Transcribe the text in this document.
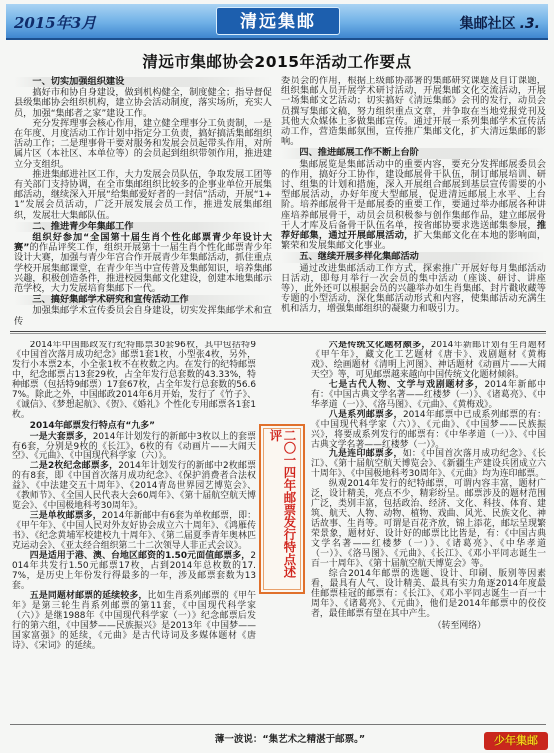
2015年3月	清远集邮	集邮社区 .3.
清远市集邮协会2015年活动工作要点
一、切实加强组织建设

搞好市和协自身建设，做到机构健全，制度健全；指导督促县级集邮协会组织机构，建立协会活动制度，落实场所，充实人员，加强“集邮者之家”建设工作。

充分发挥理事会核心作用，建立健全理事分工负责制，一是在年度、月度活动工作计划中指定分工负责，搞好搞活集邮组织活动工作；二是理事骨干要对服务和发展会员起带头作用，对所属片区（本社区、本单位等）的会员起到组织带领作用，推进建立分支组织。

推进集邮进社区工作，大力发展会员队伍，争取发展工团等有关部门支持协调，在全市集邮组织比较多的企事业单位开展集邮活动，继续深入开展“给集邮爱好者的一封信”活动，开展“1+1”发展会员活动，广泛开展发展会员工作，推进发展集邮组织，发展壮大集邮队伍。

二、推进青少年集邮工作

组织好参加“全国第十届生肖个性化邮票青少年设计大赛”的作品评奖工作，组织开展第十一届生肖个性化邮票青少年设计大赛，加强与青少年宫合作开展青少年集邮活动，抓住重点学校开展集邮课堂，在青少年当中宣传普及集邮知识，培养集邮兴趣，积极创造条件，推进校园集邮文化建设，创建本地集邮示范学校，大力发展培育集邮下一代。

三、搞好集邮学术研究和宣传活动工作

加强集邮学术宣传委员会自身建设，切实发挥集邮学术和宣传

委员会的作用，根据上级邮协部署的集邮研究课题及自订课题，组织集邮人员开展学术研讨活动，开展集邮文化交流活动，开展一场集邮文艺活动；切实搞好《清远集邮》会刊的发行，动员会员撰写集邮文稿，努力组织重点文章，并争取在当地党报党刊及其他大众媒体上多做集邮宣传。通过开展一系列集邮学术宣传活动工作，营造集邮氛围，宣传推广集邮文化，扩大清远集邮的影响。

四、推进邮展工作不断上台阶

集邮展览是集邮活动中的重要内容，要充分发挥邮展委员会的作用，搞好分工协作，建设邮展骨干队伍，制订邮展培训、研讨、组集的计划和措施，深入开展组合邮展到基层宣传需要的小型邮展活动，办好年度大型邮展，促进清远邮展上水平、上台阶。培养邮展骨干是邮展委的重要工作，要通过举办邮展各种讲座培养邮展骨干，动员会员积极参与创作集邮作品，建立邮展骨干人才库及后备骨干队伍名单，按省邮协要求选送邮集参展，推荐好邮集，通过开展邮展活动，扩大集邮文化在本地的影响面，繁荣和发展集邮文化事业。

五、继续开展多样化集邮活动

通过改进集邮活动工作方式，探索推广开展好每月集邮活动日活动，即每月举行一次会员的集中活动（座谈、研讨、讲座等），此外还可以根据会员的兴趣举办如生肖集邮、封片戳收藏等专题的小型活动，深化集邮活动形式和内容，使集邮活动充满生机和活力，增强集邮组织的凝聚力和吸引力。

2014年中国邮政发行纪特邮票30套96枚，其中包括特9《中国首次落月成功纪念》邮票1套1枚，小型张4枚，另外，发行小本票2本，小全张1枚不在枚数之内。在发行的纪特邮票中，纪念邮票占13套29枚，占全年发行总套数的43.33%，特种邮票（包括特9邮票）17套67枚，占全年发行总套数的56.67%。除此之外，中国邮政2014年6月开始，发行了《竹子》、《诚信》、《梦想起航》、《贺》、《婚礼》个性化专用邮票各1套1枚。

2014年邮票发行特点有“九多”

一是大套票多，2014年计划发行的新邮中3枚以上的套票有6套，分别是9枚的《长江》、6枚的有《动画片——大闹天空》、《元曲》、《中国现代科学家（六）》。

二是2枚纪念邮票多，2014年计划发行的新邮中2枚邮票的有8套，即《中国首次落月成功纪念》、《保护消费者合法权益》、《中法建交五十周年》、《2014青岛世界园艺博览会》、《教师节》、《全国人民代表大会60周年》、《第十届航空航天博览会》、《中国极地科考30周年》。

三是单枚邮票多，2014年新邮中有6套为单枚邮票，即：《甲午年》、《中国人民对外友好协会成立六十周年》、《鸿雁传书》、《纪念黄埔军校建校九十周年》、《第二届夏季青年奥林匹克运动会》、《亚太经合组织第二十二次领导人非正式会议》。

四是适用于港、澳、台地区邮资的1.50元面值邮票多，2014年共发行1.50元邮票17枚，占到2014年总枚数的17.7%，是历史上年份发行得最多的一年，涉及邮票套数为13套。

五是同题材邮票的延续较多，比如生肖系列邮票的《甲午年》是第三轮生肖系列邮票的第11套，《中国现代科学家（六）》是继1988年《中国现代科学家（一）》纪念邮票后发行的第六组，《中国梦——民族振兴》是2013年《中国梦——国家富强》的延续，《元曲》是古代诗词及多媒体题材《唐诗》、《宋词》的延续。

二〇一四年邮票发行特点述评

六是传统文化题材颇多，2014年新邮计划有生肖题材《甲午年》，藏文化工艺题材《唐卡》、戏剧题材《黄梅戏》、绘画题材《清明上河图》、神话题材《动画片——大闹天空》等，可见邮票越来越向中国传统文化题材倾斜。

七是古代人物、文学与戏剧题材多，2014年新邮中有：《中国古典文学名著——红楼梦（一）》、《诸葛亮》、《中华孝道（一）》、《洛马图》、《元曲》、《黄梅戏》。

八是系列邮票多，2014年邮票中已成系列邮票的有：《中国现代科学家（六）》、《元曲》、《中国梦——民族振兴》，将要成系列发行的邮票有：《中华孝道（一）》、《中国古典文学名著——红楼梦（一）》。

九是连印邮票多，如：《中国首次落月成功纪念》、《长江》、《第十届航空航天博览会》、《新疆生产建设兵团成立六十周年》、《中国极地科考30周年》、《元曲》均为连印邮票。

纵观2014年发行的纪特邮票，可谓内容丰富，题材广泛，设计精美，亮点不少，精彩纷呈。邮票涉及的题材范围广泛，类别丰富，包括政治、经济、文化、科技、体育、建筑、航天、人物、动物、植物、戏曲、风光、民族文化、神话故事、生肖等。可谓是百花齐放，锦上添花，邮坛呈现繁荣景象，题材好、设计好的邮票比比皆是，有：《中国古典文学名著——红楼梦（一）》、《诸葛亮》、《中华孝道（一）》、《洛马图》、《元曲》、《长江》、《邓小平同志诞生一百一十周年》、《第十届航空航天博览会》等。

综合2014年邮票的选题、设计、印刷、版别等因素看，最具有人气、设计精美、最具有实力角逐2014年度最佳邮票桂冠的邮票有：《长江》、《邓小平同志诞生一百一十周年》、《诸葛亮》、《元曲》，他们是2014年邮票中的佼佼者，最佳邮票有望在其中产生。

（转至网络）
薄一波说：“集艺术之精湛于邮票。”	少年集邮
